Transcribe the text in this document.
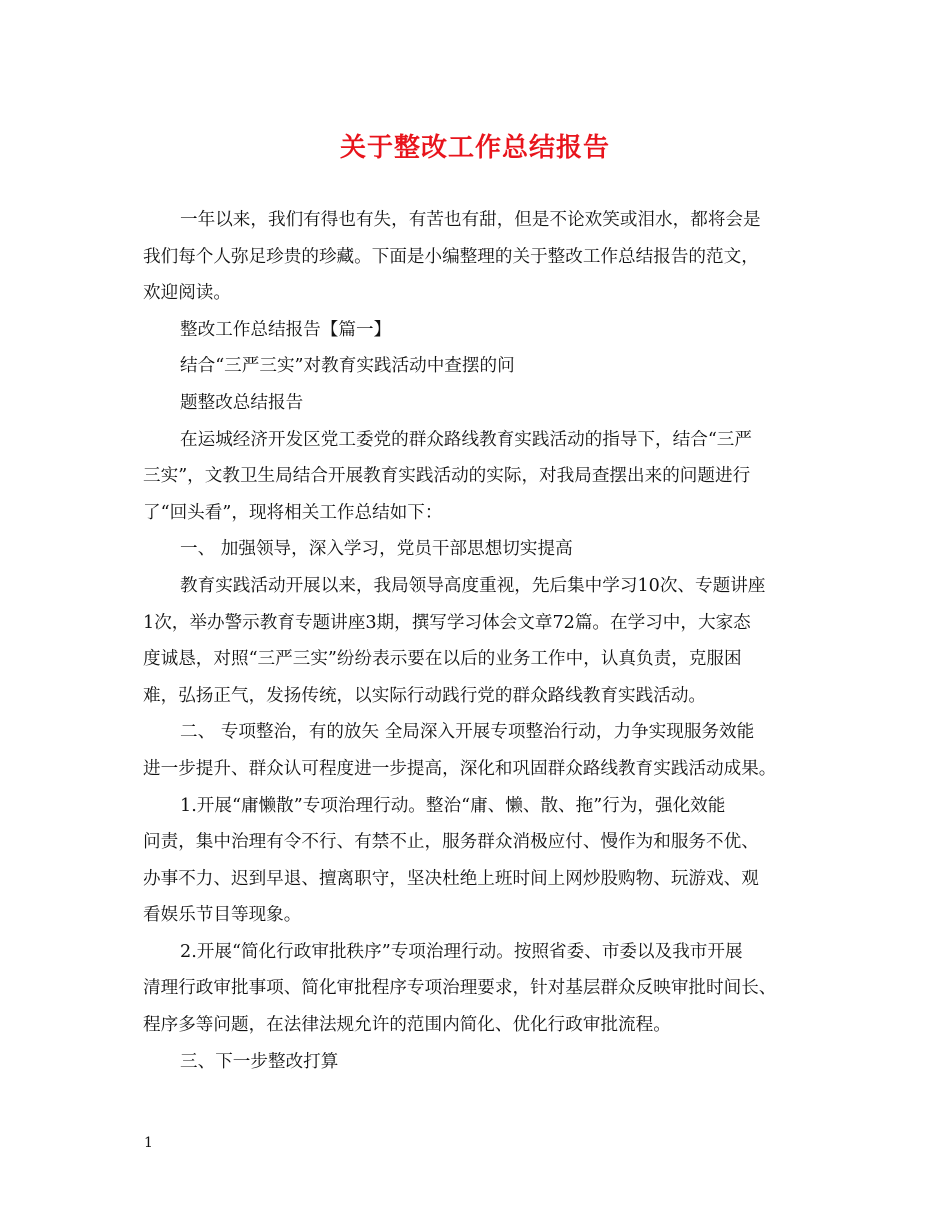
关于整改工作总结报告
一年以来，我们有得也有失，有苦也有甜，但是不论欢笑或泪水，都将会是
我们每个人弥足珍贵的珍藏。下面是小编整理的关于整改工作总结报告的范文，
欢迎阅读。
整改工作总结报告【篇一】
结合“三严三实”对教育实践活动中查摆的问
题整改总结报告
在运城经济开发区党工委党的群众路线教育实践活动的指导下，结合“三严
三实”，文教卫生局结合开展教育实践活动的实际，对我局查摆出来的问题进行
了“回头看”，现将相关工作总结如下：
一、 加强领导，深入学习，党员干部思想切实提高
教育实践活动开展以来，我局领导高度重视，先后集中学习10次、专题讲座
1次，举办警示教育专题讲座3期，撰写学习体会文章72篇。在学习中，大家态
度诚恳，对照“三严三实”纷纷表示要在以后的业务工作中，认真负责，克服困
难，弘扬正气，发扬传统，以实际行动践行党的群众路线教育实践活动。
二、 专项整治，有的放矢 全局深入开展专项整治行动，力争实现服务效能
进一步提升、群众认可程度进一步提高，深化和巩固群众路线教育实践活动成果。
1.开展“庸懒散”专项治理行动。整治“庸、懒、散、拖”行为，强化效能
问责，集中治理有令不行、有禁不止，服务群众消极应付、慢作为和服务不优、
办事不力、迟到早退、擅离职守，坚决杜绝上班时间上网炒股购物、玩游戏、观
看娱乐节目等现象。
2.开展“简化行政审批秩序”专项治理行动。按照省委、市委以及我市开展
清理行政审批事项、简化审批程序专项治理要求，针对基层群众反映审批时间长、
程序多等问题，在法律法规允许的范围内简化、优化行政审批流程。
三、下一步整改打算
1
